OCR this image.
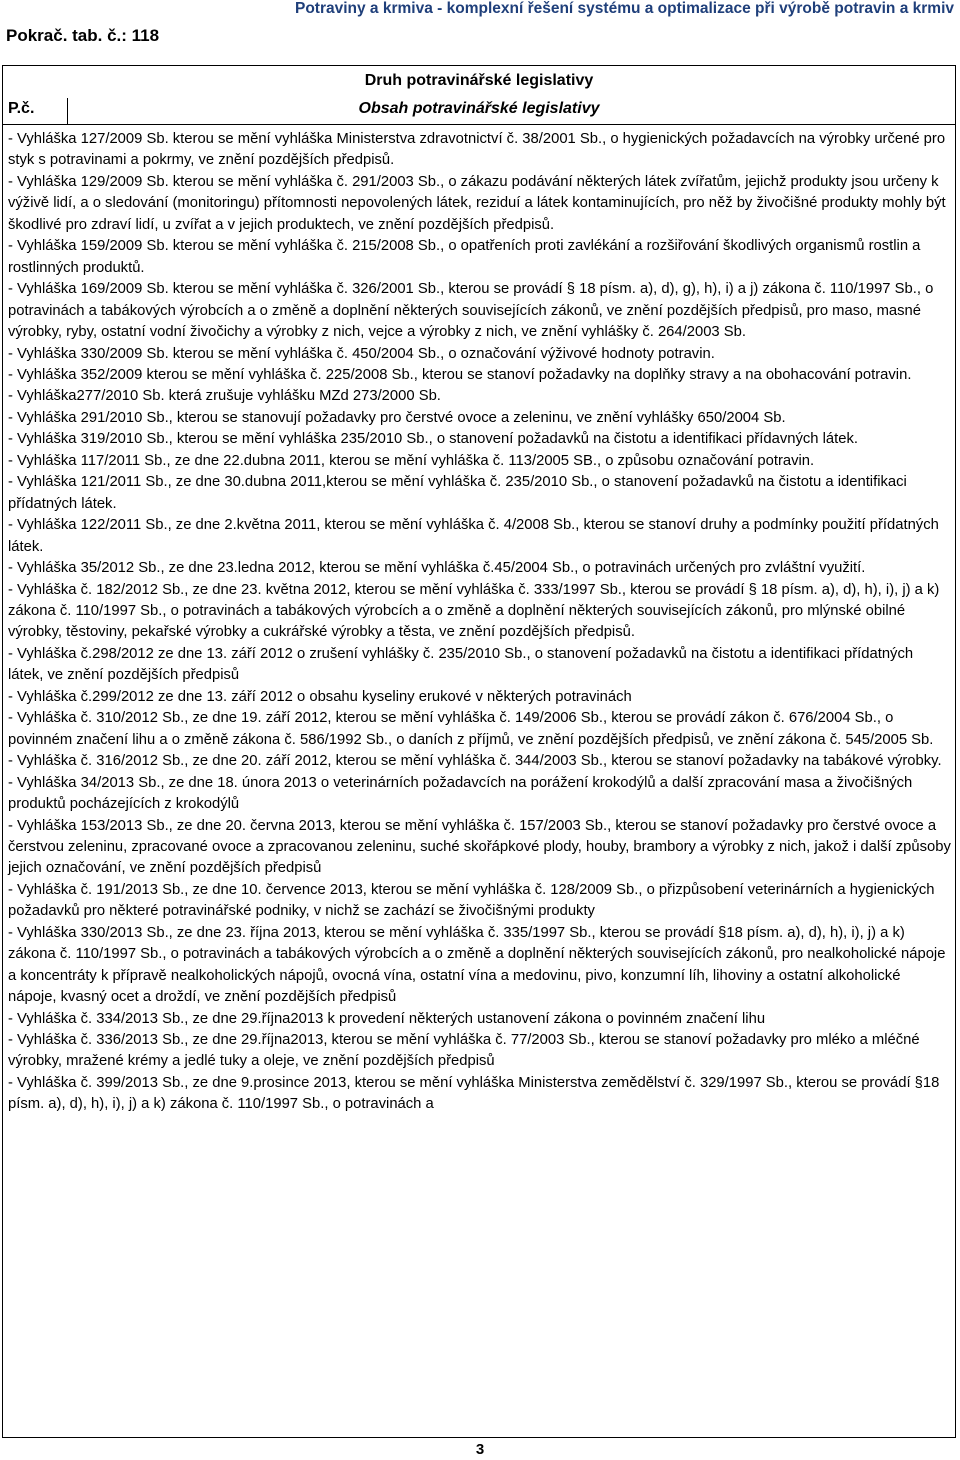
Pokrač. tab. č.: 118
Potraviny a krmiva - komplexní řešení systému a optimalizace při výrobě potravin a krmiv
Druh potravinářské legislativy
Obsah potravinářské legislativy
P.č.

- Vyhláška 127/2009 Sb. kterou se mění vyhláška Ministerstva zdravotnictví č. 38/2001 Sb., o hygienických požadavcích na výrobky určené pro styk s potravinami a pokrmy, ve znění pozdějších předpisů.

- Vyhláška 129/2009 Sb. kterou se mění vyhláška č. 291/2003 Sb., o zákazu podávání některých látek zvířatům, jejichž produkty jsou určeny k výživě lidí, a o sledování (monitoringu) přítomnosti nepovolených látek, reziduí a látek kontaminujících, pro něž by živočišné produkty mohly být škodlivé pro zdraví lidí, u zvířat a v jejich produktech, ve znění pozdějších předpisů.

- Vyhláška 159/2009 Sb. kterou se mění vyhláška č. 215/2008 Sb., o opatřeních proti zavlékání a rozšiřování škodlivých organismů rostlin a rostlinných produktů.

- Vyhláška 169/2009 Sb. kterou se mění vyhláška č. 326/2001 Sb., kterou se provádí § 18 písm. a), d), g), h), i) a j) zákona č. 110/1997 Sb., o potravinách a tabákových výrobcích a o změně a doplnění některých souvisejících zákonů, ve znění pozdějších předpisů, pro maso, masné výrobky, ryby, ostatní vodní živočichy a výrobky z nich, vejce a výrobky z nich, ve znění vyhlášky č. 264/2003 Sb.

- Vyhláška 330/2009 Sb. kterou se mění vyhláška č. 450/2004 Sb., o označování výživové hodnoty potravin.

- Vyhláška 352/2009 kterou se mění vyhláška č. 225/2008 Sb., kterou se stanoví požadavky na doplňky stravy a na obohacování potravin.

- Vyhláška277/2010 Sb. která zrušuje vyhlášku MZd 273/2000 Sb.

- Vyhláška 291/2010 Sb., kterou se stanovují požadavky pro čerstvé ovoce a zeleninu, ve znění vyhlášky 650/2004 Sb.

- Vyhláška 319/2010 Sb., kterou se mění vyhláška 235/2010 Sb., o stanovení požadavků na čistotu a identifikaci přídavných látek.

- Vyhláška 117/2011 Sb., ze dne 22.dubna 2011, kterou se mění vyhláška č. 113/2005 SB., o způsobu označování potravin.

- Vyhláška 121/2011 Sb., ze dne 30.dubna 2011,kterou se mění vyhláška č. 235/2010 Sb., o stanovení požadavků na čistotu a identifikaci přídatných látek.

- Vyhláška 122/2011 Sb., ze dne 2.května 2011, kterou se mění vyhláška č. 4/2008 Sb., kterou se stanoví druhy a podmínky použití přídatných látek.

- Vyhláška 35/2012 Sb., ze dne 23.ledna 2012, kterou se mění vyhláška č.45/2004 Sb., o potravinách určených pro zvláštní využití.

- Vyhláška č. 182/2012 Sb., ze dne 23. května 2012, kterou se mění vyhláška č. 333/1997 Sb., kterou se provádí § 18 písm. a), d), h), i), j) a k) zákona č. 110/1997 Sb., o potravinách a tabákových výrobcích a o změně a doplnění některých souvisejících zákonů, pro mlýnské obilné výrobky, těstoviny, pekařské výrobky a cukrářské výrobky a těsta, ve znění pozdějších předpisů.

- Vyhláška č.298/2012 ze dne 13. září 2012 o zrušení vyhlášky č. 235/2010 Sb., o stanovení požadavků na čistotu a identifikaci přídatných látek, ve znění pozdějších předpisů

- Vyhláška č.299/2012 ze dne 13. září 2012 o obsahu kyseliny erukové v některých potravinách

- Vyhláška č. 310/2012 Sb., ze dne 19. září 2012, kterou se mění vyhláška č. 149/2006 Sb., kterou se provádí zákon č. 676/2004 Sb., o povinném značení lihu a o změně zákona č. 586/1992 Sb., o daních z příjmů, ve znění pozdějších předpisů, ve znění zákona č. 545/2005 Sb.

- Vyhláška č. 316/2012 Sb., ze dne 20. září 2012, kterou se mění vyhláška č. 344/2003 Sb., kterou se stanoví požadavky na tabákové výrobky.

- Vyhláška 34/2013 Sb., ze dne 18. února 2013 o veterinárních požadavcích na porážení krokodýlů a další zpracování masa a živočišných produktů pocházejících z krokodýlů

- Vyhláška 153/2013 Sb., ze dne 20. června 2013, kterou se mění vyhláška č. 157/2003 Sb., kterou se stanoví požadavky pro čerstvé ovoce a čerstvou zeleninu, zpracované ovoce a zpracovanou zeleninu, suché skořápkové plody, houby, brambory a výrobky z nich, jakož i další způsoby jejich označování, ve znění pozdějších předpisů

- Vyhláška č. 191/2013 Sb., ze dne 10. července 2013, kterou se mění vyhláška č. 128/2009 Sb., o přizpůsobení veterinárních a hygienických požadavků pro některé potravinářské podniky, v nichž se zachází se živočišnými produkty

- Vyhláška 330/2013 Sb., ze dne 23. října 2013, kterou se mění vyhláška č. 335/1997 Sb., kterou se provádí §18 písm. a), d), h), i), j) a k) zákona č. 110/1997 Sb., o potravinách a tabákových výrobcích a o změně a doplnění některých souvisejících zákonů, pro nealkoholické nápoje a koncentráty k přípravě nealkoholických nápojů, ovocná vína, ostatní vína a medovinu, pivo, konzumní líh, lihoviny a ostatní alkoholické nápoje, kvasný ocet a droždí, ve znění pozdějších předpisů

- Vyhláška č. 334/2013 Sb., ze dne 29.října2013 k provedení některých ustanovení zákona o povinném značení lihu

- Vyhláška č. 336/2013 Sb., ze dne 29.října2013, kterou se mění vyhláška č. 77/2003 Sb., kterou se stanoví požadavky pro mléko a mléčné výrobky, mražené krémy a jedlé tuky a oleje, ve znění pozdějších předpisů

- Vyhláška č. 399/2013 Sb., ze dne 9.prosince 2013, kterou se mění vyhláška Ministerstva zemědělství č. 329/1997 Sb., kterou se provádí §18 písm. a), d), h), i), j) a k) zákona č. 110/1997 Sb., o potravinách a

3
